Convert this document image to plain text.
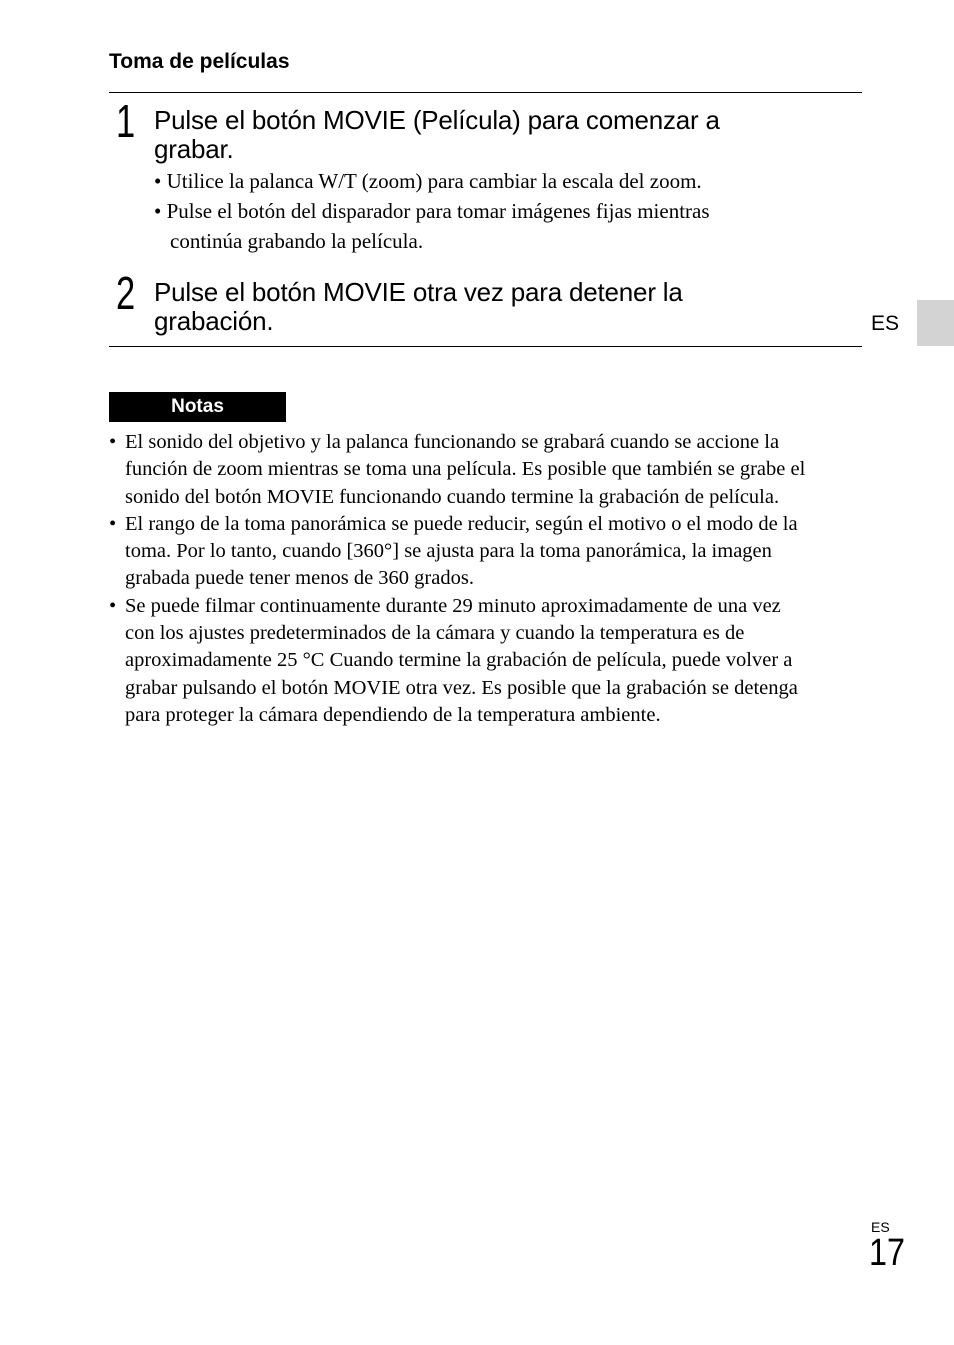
Toma de películas
1 Pulse el botón MOVIE (Película) para comenzar a
grabar.
• Utilice la palanca W/T (zoom) para cambiar la escala del zoom.
• Pulse el botón del disparador para tomar imágenes fijas mientras
continúa grabando la película.
2 Pulse el botón MOVIE otra vez para detener la
grabación.	ES
Notas
• El sonido del objetivo y la palanca funcionando se grabará cuando se accione la
función de zoom mientras se toma una película. Es posible que también se grabe el
sonido del botón MOVIE funcionando cuando termine la grabación de película.
• El rango de la toma panorámica se puede reducir, según el motivo o el modo de la
toma. Por lo tanto, cuando [360°] se ajusta para la toma panorámica, la imagen
grabada puede tener menos de 360 grados.
• Se puede filmar continuamente durante 29 minuto aproximadamente de una vez
con los ajustes predeterminados de la cámara y cuando la temperatura es de
aproximadamente 25 °C Cuando termine la grabación de película, puede volver a
grabar pulsando el botón MOVIE otra vez. Es posible que la grabación se detenga
para proteger la cámara dependiendo de la temperatura ambiente.
ES
17
